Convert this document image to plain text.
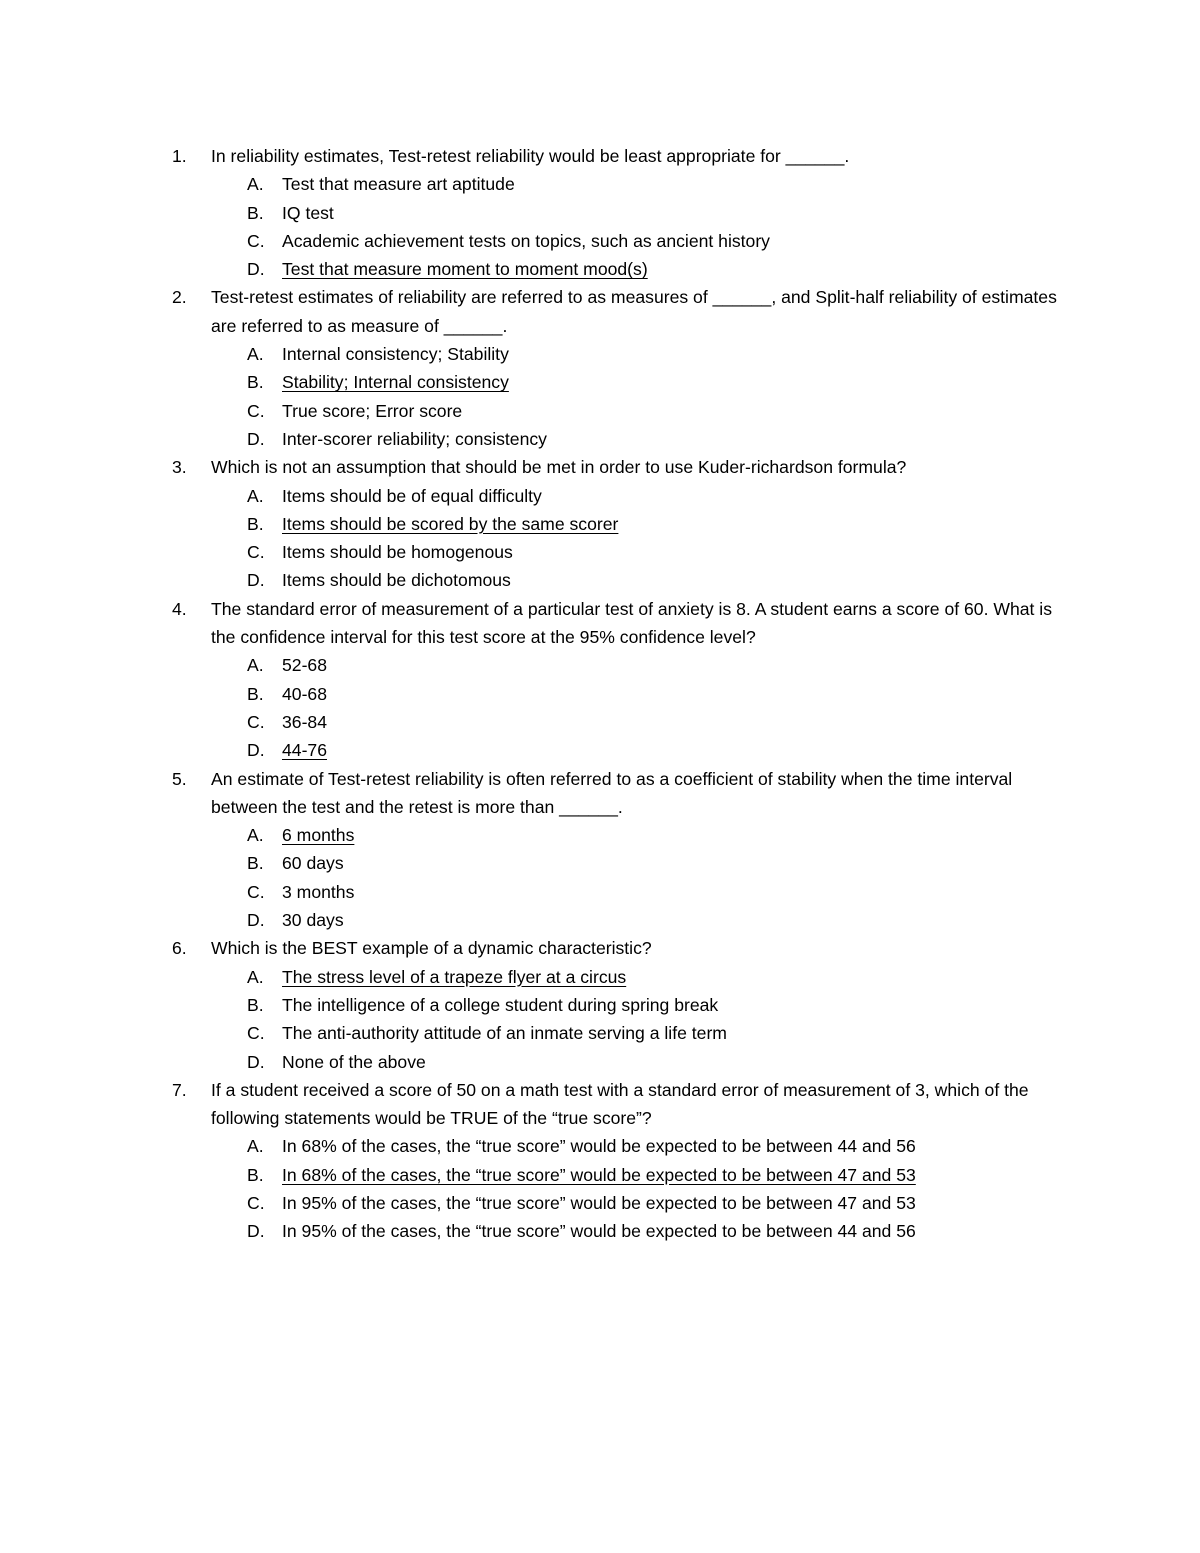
1. In reliability estimates, Test-retest reliability would be least appropriate for ______.
A. Test that measure art aptitude
B. IQ test
C. Academic achievement tests on topics, such as ancient history
D. Test that measure moment to moment mood(s)
2. Test-retest estimates of reliability are referred to as measures of ______, and Split-half reliability of estimates are referred to as measure of ______.
A. Internal consistency; Stability
B. Stability; Internal consistency
C. True score; Error score
D. Inter-scorer reliability; consistency
3. Which is not an assumption that should be met in order to use Kuder-richardson formula?
A. Items should be of equal difficulty
B. Items should be scored by the same scorer
C. Items should be homogenous
D. Items should be dichotomous
4. The standard error of measurement of a particular test of anxiety is 8. A student earns a score of 60. What is the confidence interval for this test score at the 95% confidence level?
A. 52-68
B. 40-68
C. 36-84
D. 44-76
5. An estimate of Test-retest reliability is often referred to as a coefficient of stability when the time interval between the test and the retest is more than ______.
A. 6 months
B. 60 days
C. 3 months
D. 30 days
6. Which is the BEST example of a dynamic characteristic?
A. The stress level of a trapeze flyer at a circus
B. The intelligence of a college student during spring break
C. The anti-authority attitude of an inmate serving a life term
D. None of the above
7. If a student received a score of 50 on a math test with a standard error of measurement of 3, which of the following statements would be TRUE of the “true score”?
A. In 68% of the cases, the “true score” would be expected to be between 44 and 56
B. In 68% of the cases, the “true score” would be expected to be between 47 and 53
C. In 95% of the cases, the “true score” would be expected to be between 47 and 53
D. In 95% of the cases, the “true score” would be expected to be between 44 and 56
